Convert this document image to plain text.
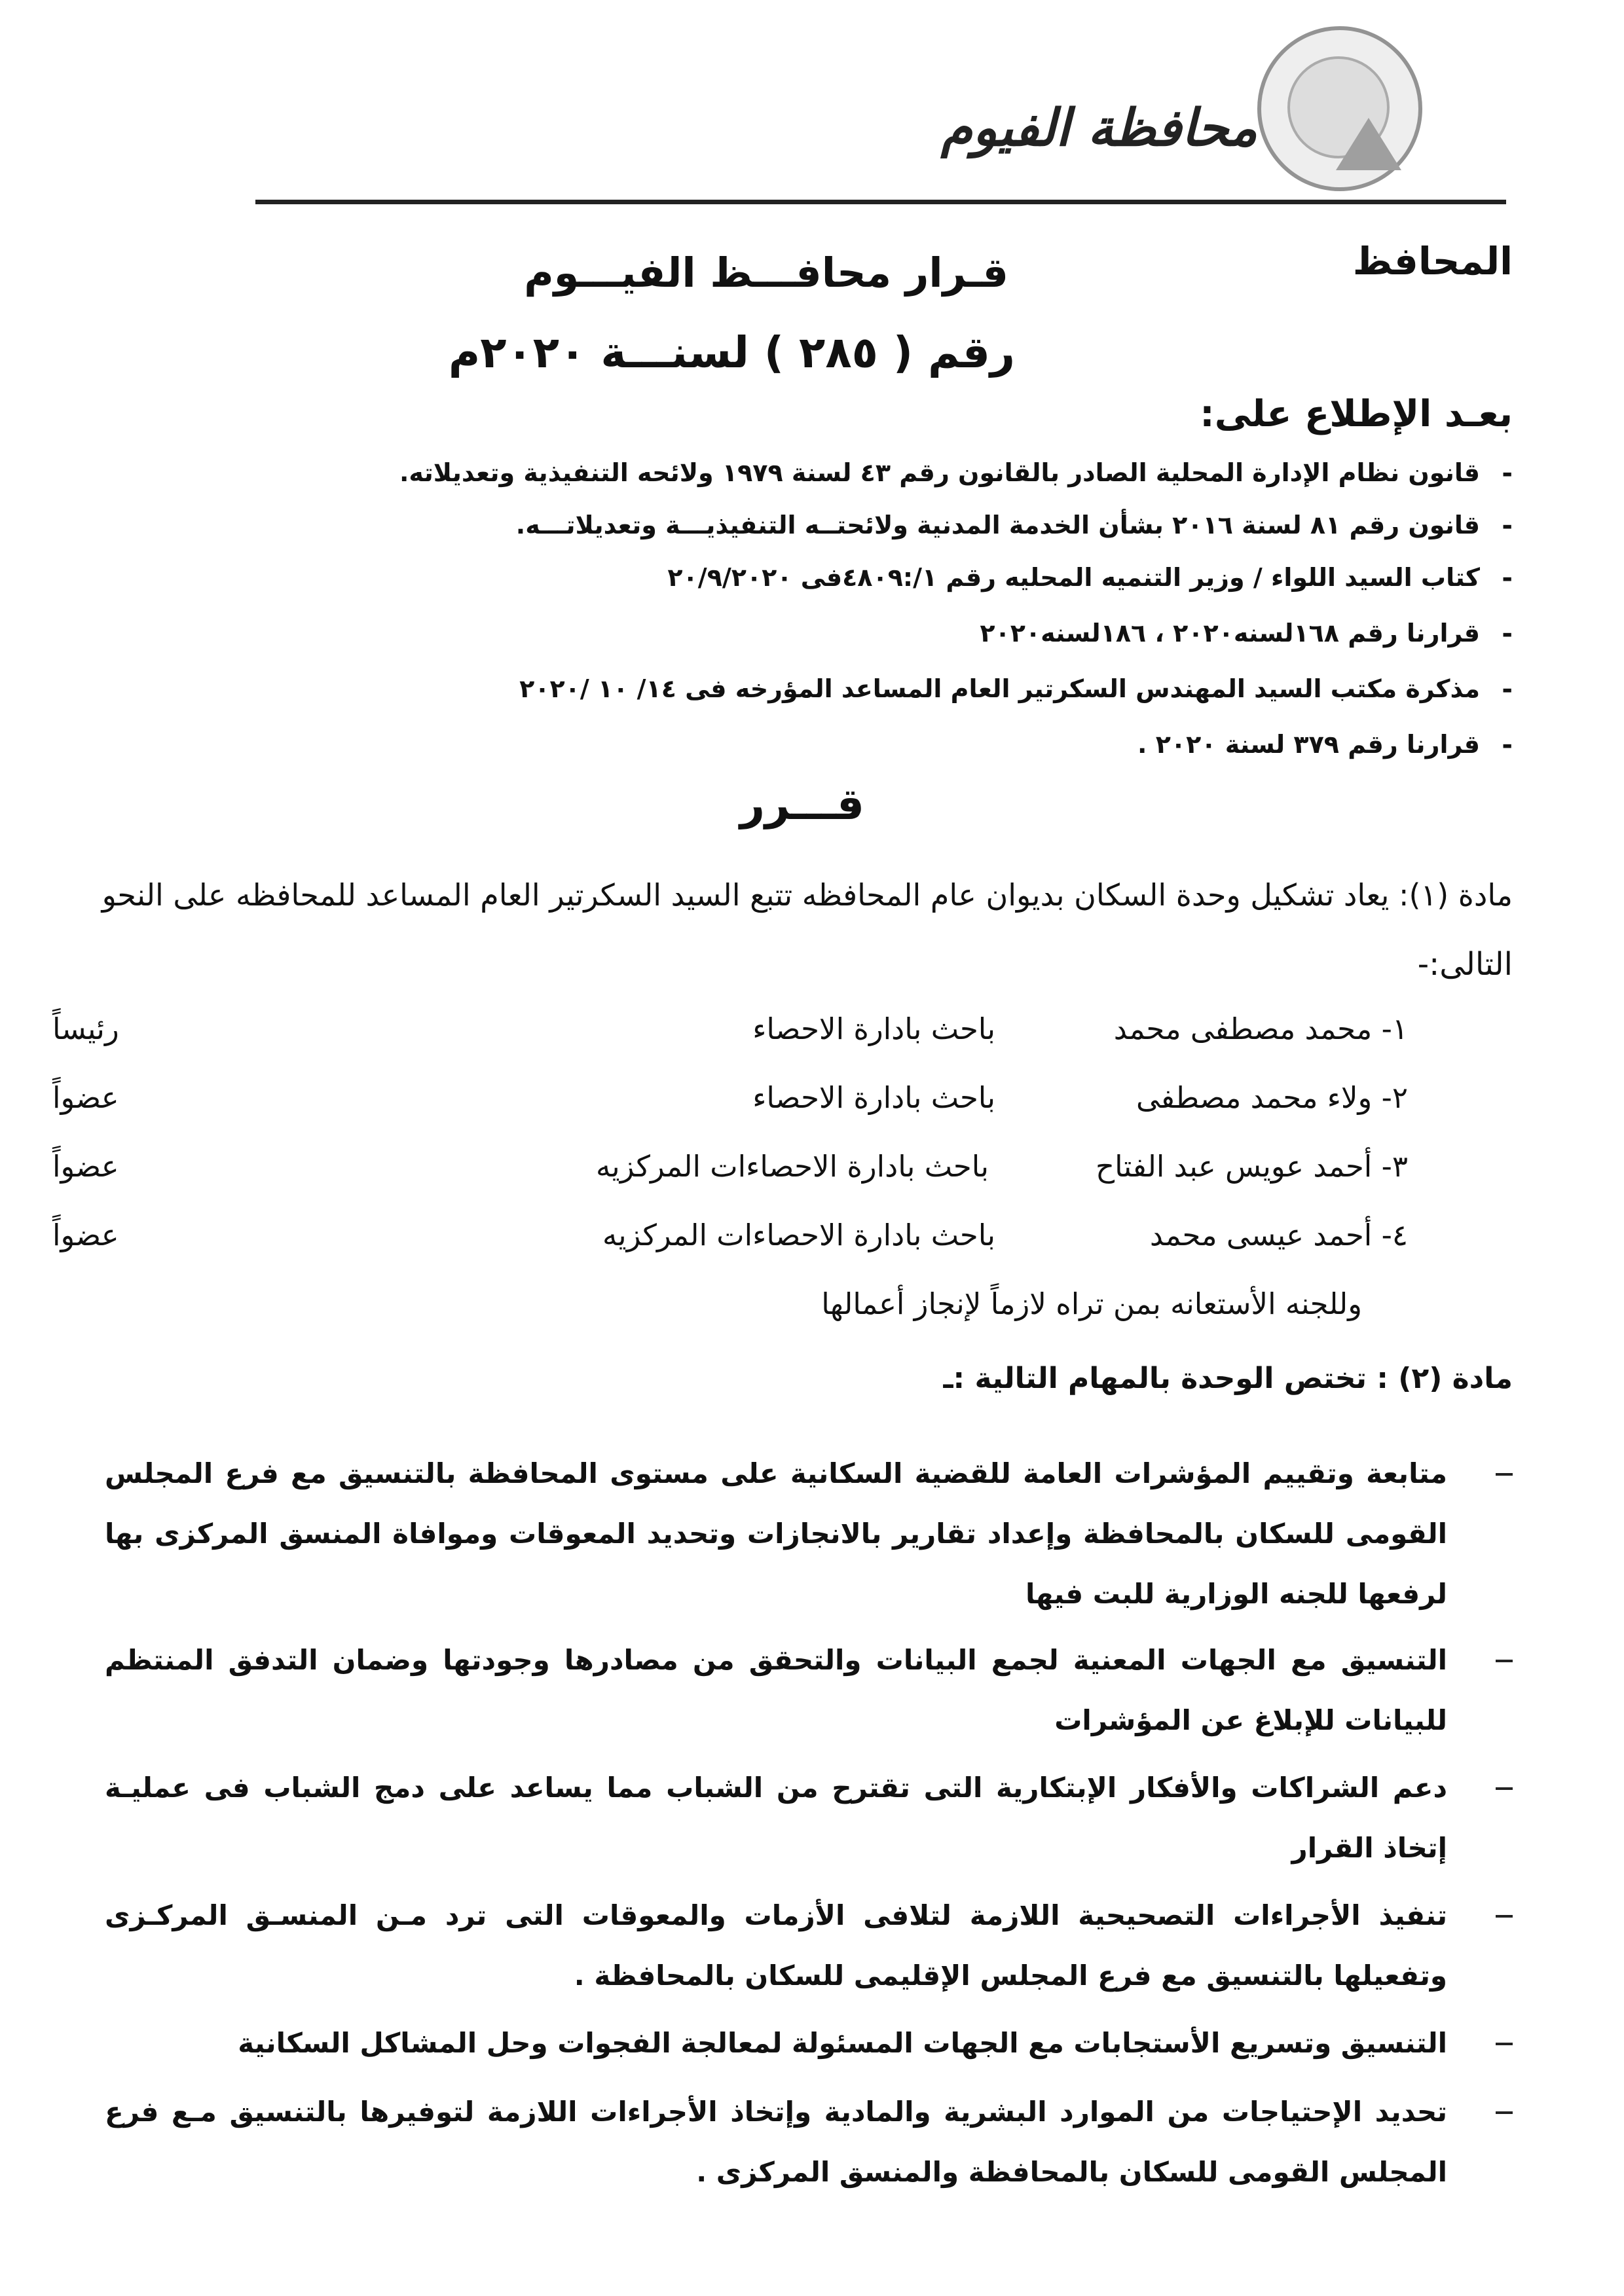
محافظة الفيوم
المحافظ
قـرار محافـــظ الفيـــوم
رقم ( ٢٨٥ ) لسنـــة ٢٠٢٠م
بعـد الإطلاع على:
-
قانون نظام الإدارة المحلية الصادر بالقانون رقم ٤٣ لسنة ١٩٧٩ ولائحه التنفيذية وتعديلاته.
-
قانون رقم ٨١ لسنة ٢٠١٦ بشأن الخدمة المدنية ولائحتــه التنفيذيـــة وتعديلاتـــه.
-
كتاب السيد اللواء / وزير التنميه المحليه رقم ١/:٤٨٠٩فى ٢٠/٩/٢٠٢٠
-
قرارنا رقم ١٦٨لسنه٢٠٢٠ ، ١٨٦لسنه٢٠٢٠
-
مذكرة مكتب السيد المهندس السكرتير العام المساعد المؤرخه فى ١٤/ ١٠ /٢٠٢٠
-
قرارنا رقم ٣٧٩ لسنة ٢٠٢٠ .
قـــرر
مادة (١): يعاد تشكيل وحدة السكان بديوان عام المحافظه تتبع السيد السكرتير العام المساعد للمحافظه على النحو
التالى:-
١- محمد مصطفى محمد
باحث بادارة الاحصاء
رئيساً
٢- ولاء محمد مصطفى
باحث بادارة الاحصاء
عضواً
٣- أحمد عويس عبد الفتاح
باحث بادارة الاحصاءات المركزيه
عضواً
٤- أحمد عيسى محمد
باحث بادارة الاحصاءات المركزيه
عضواً
وللجنه الأستعانه بمن تراه لازماً لإنجاز أعمالها
مادة (٢) : تختص الوحدة بالمهام التالية :ـ
متابعة وتقييم المؤشرات العامة للقضية السكانية على مستوى المحافظة بالتنسيق مع فرع المجلس القومى للسكان بالمحافظة وإعداد تقارير بالانجازات وتحديد المعوقات وموافاة المنسق المركزى بها لرفعها للجنه الوزارية للبت فيها
التنسيق مع الجهات المعنية لجمع البيانات والتحقق من مصادرها وجودتها وضمان التدفق المنتظم للبيانات للإبلاغ عن المؤشرات
دعم الشراكات والأفكار الإبتكارية التى تقترح من الشباب مما يساعد على دمج الشباب فى عمليـة إتخاذ القرار
تنفيذ الأجراءات التصحيحية اللازمة لتلافى الأزمات والمعوقات التى ترد مـن المنسـق المركـزى وتفعيلها بالتنسيق مع فرع المجلس الإقليمى للسكان بالمحافظة .
التنسيق وتسريع الأستجابات مع الجهات المسئولة لمعالجة الفجوات وحل المشاكل السكانية
تحديد الإحتياجات من الموارد البشرية والمادية وإتخاذ الأجراءات اللازمة لتوفيرها بالتنسيق مـع فرع المجلس القومى للسكان بالمحافظة والمنسق المركزى .
